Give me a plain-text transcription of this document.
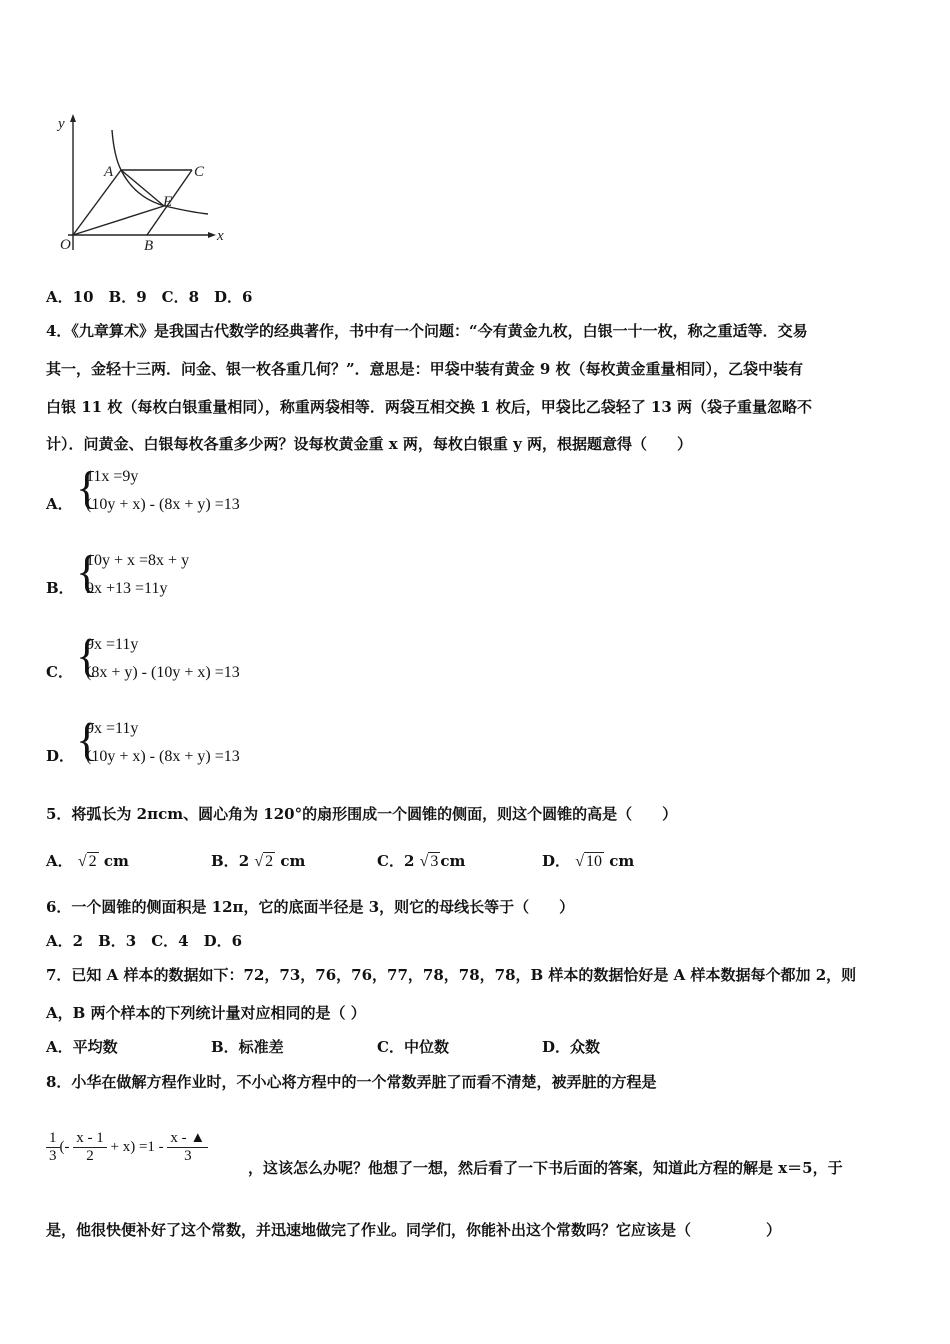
y
x
O
A
B
C
E
A．10　B．9　C．8　D．6
4．《九章算术》是我国古代数学的经典著作，书中有一个问题：“今有黄金九枚，白银一十一枚，称之重适等．交易
其一，金轻十三两．问金、银一枚各重几何？”．意思是：甲袋中装有黄金 9 枚（每枚黄金重量相同），乙袋中装有
白银 11 枚（每枚白银重量相同），称重两袋相等．两袋互相交换 1 枚后，甲袋比乙袋轻了 13 两（袋子重量忽略不
计）．问黄金、白银每枚各重多少两？设每枚黄金重 x 两，每枚白银重 y 两，根据题意得（　　）
A． {
11x =9y
(10y + x) - (8x + y) =13
B． {
10y + x =8x + y
9x +13 =11y
C． {
9x =11y
(8x + y) - (10y + x) =13
D． {
9x =11y
(10y + x) - (8x + y) =13
5．将弧长为 2πcm、圆心角为 120°的扇形围成一个圆锥的侧面，则这个圆锥的高是（　　）
A． √ 2 cm	B．2 √ 2 cm	C．2 √ 3 cm	D． √ 10 cm
6．一个圆锥的侧面积是 12π，它的底面半径是 3，则它的母线长等于（　　）
A．2　B．3　C．4　D．6
7．已知 A 样本的数据如下：72，73，76，76，77，78，78，78，B 样本的数据恰好是 A 样本数据每个都加 2，则
A，B 两个样本的下列统计量对应相同的是（ ）
A．平均数	B．标准差	C．中位数	D．众数
8．小华在做解方程作业时，不小心将方程中的一个常数弄脏了而看不清楚，被弄脏的方程是
$\frac{1}{3}$ (- $\frac{x - 1}{2} + x) =1 - \frac{x - ▲}{3}$
，这该怎么办呢？他想了一想，然后看了一下书后面的答案，知道此方程的解是 x＝5，于
是，他很快便补好了这个常数，并迅速地做完了作业。同学们，你能补出这个常数吗？它应该是（　　　　　）
